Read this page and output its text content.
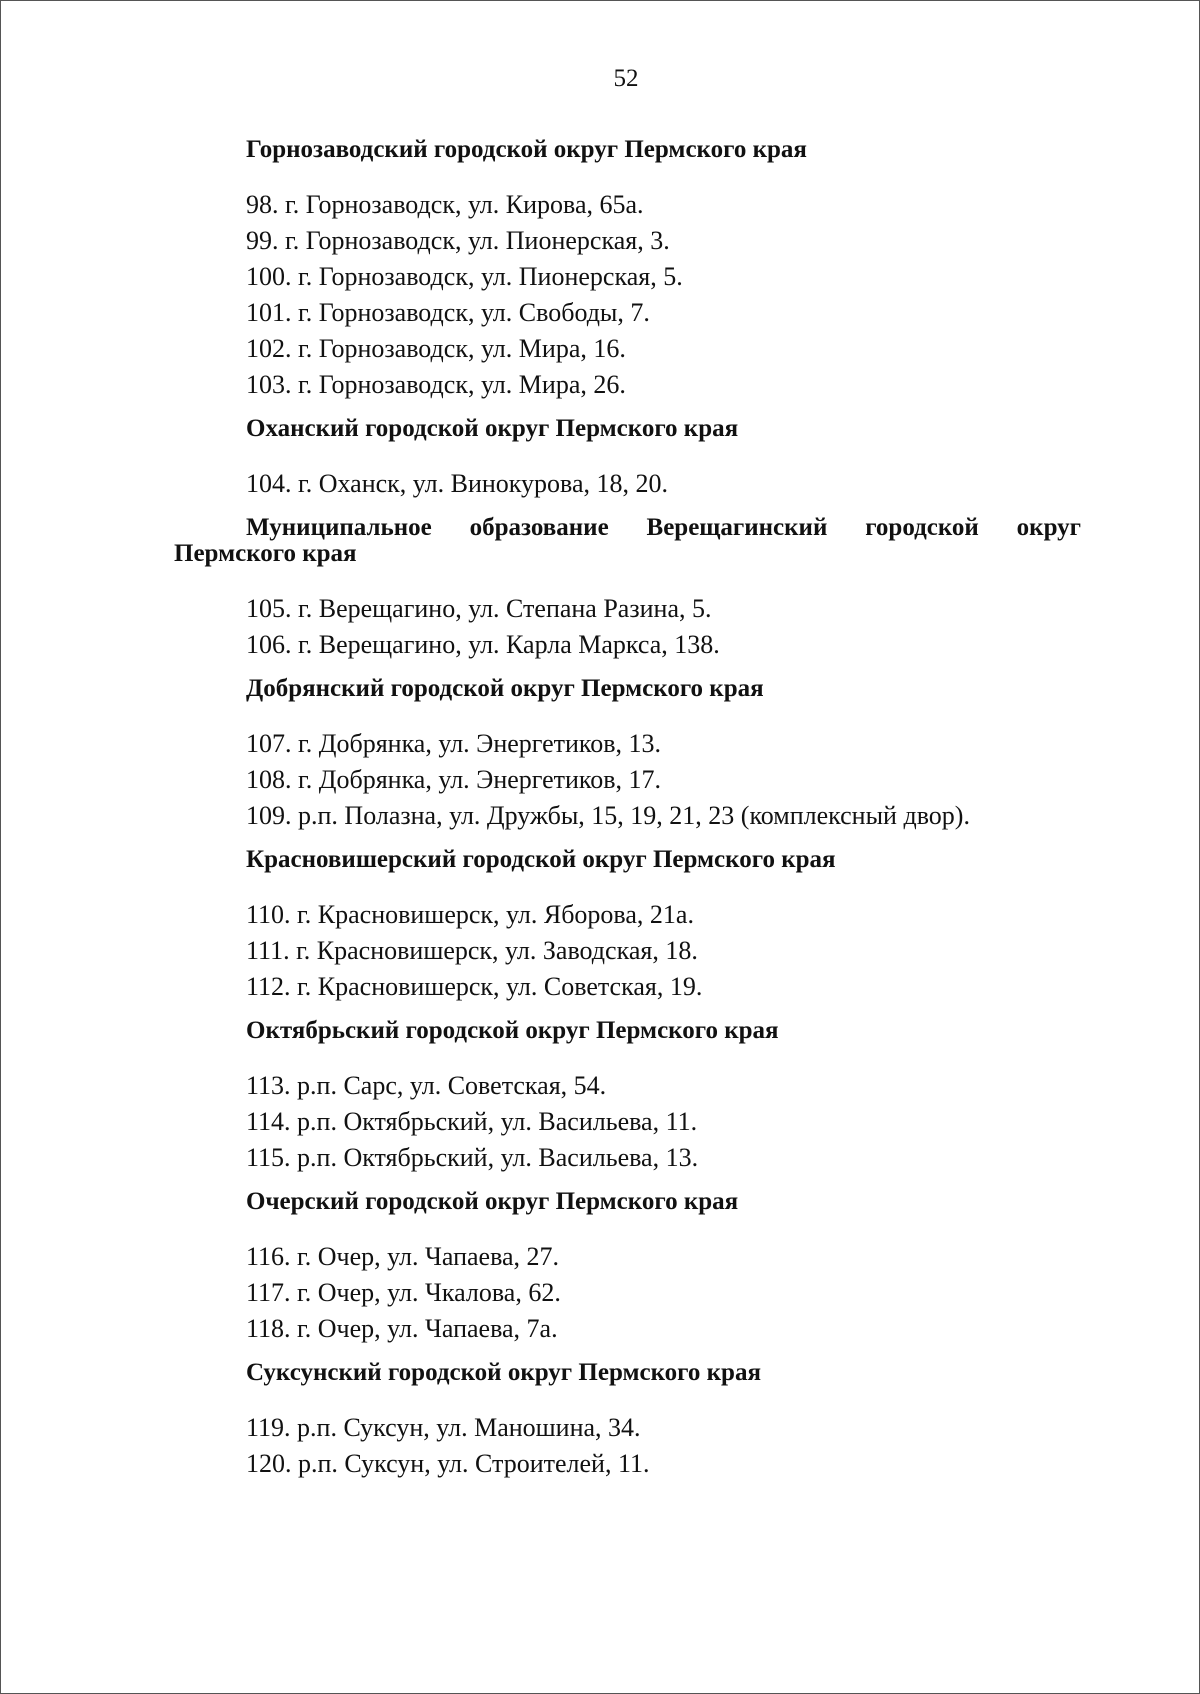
52

Горнозаводский городской округ Пермского края

98. г. Горнозаводск, ул. Кирова, 65а.
99. г. Горнозаводск, ул. Пионерская, 3.
100. г. Горнозаводск, ул. Пионерская, 5.
101. г. Горнозаводск, ул. Свободы, 7.
102. г. Горнозаводск, ул. Мира, 16.
103. г. Горнозаводск, ул. Мира, 26.

Оханский городской округ Пермского края

104. г. Оханск, ул. Винокурова, 18, 20.

Муниципальное образование Верещагинский городской округ Пермского края

105. г. Верещагино, ул. Степана Разина, 5.
106. г. Верещагино, ул. Карла Маркса, 138.

Добрянский городской округ Пермского края

107. г. Добрянка, ул. Энергетиков, 13.
108. г. Добрянка, ул. Энергетиков, 17.
109. р.п. Полазна, ул. Дружбы, 15, 19, 21, 23 (комплексный двор).

Красновишерский городской округ Пермского края

110. г. Красновишерск, ул. Яборова, 21а.
111. г. Красновишерск, ул. Заводская, 18.
112. г. Красновишерск, ул. Советская, 19.

Октябрьский городской округ Пермского края

113. р.п. Сарс, ул. Советская, 54.
114. р.п. Октябрьский, ул. Васильева, 11.
115. р.п. Октябрьский, ул. Васильева, 13.

Очерский городской округ Пермского края

116. г. Очер, ул. Чапаева, 27.
117. г. Очер, ул. Чкалова, 62.
118. г. Очер, ул. Чапаева, 7а.

Суксунский городской округ Пермского края

119. р.п. Суксун, ул. Маношина, 34.
120. р.п. Суксун, ул. Строителей, 11.
